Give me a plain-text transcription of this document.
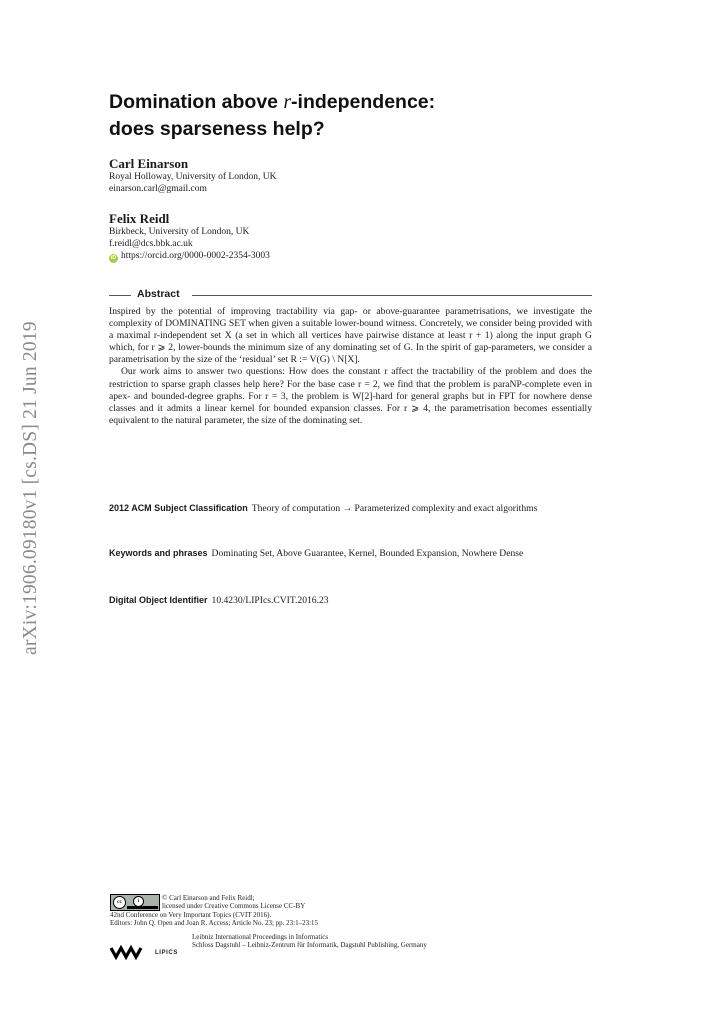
arXiv:1906.09180v1 [cs.DS] 21 Jun 2019
Domination above r-independence:
does sparseness help?
Carl Einarson
Royal Holloway, University of London, UK
einarson.carl@gmail.com
Felix Reidl
Birkbeck, University of London, UK
f.reidl@dcs.bbk.ac.uk
iD https://orcid.org/0000-0002-2354-3003
Abstract

Inspired by the potential of improving tractability via gap- or above-guarantee parametrisations, we investigate the complexity of DOMINATING SET when given a suitable lower-bound witness. Concretely, we consider being provided with a maximal r-independent set X (a set in which all vertices have pairwise distance at least r + 1) along the input graph G which, for r ⩾ 2, lower-bounds the minimum size of any dominating set of G. In the spirit of gap-parameters, we consider a parametrisation by the size of the ‘residual’ set R := V(G) \ N[X].

Our work aims to answer two questions: How does the constant r affect the tractability of the problem and does the restriction to sparse graph classes help here? For the base case r = 2, we find that the problem is paraNP-complete even in apex- and bounded-degree graphs. For r = 3, the problem is W[2]-hard for general graphs but in FPT for nowhere dense classes and it admits a linear kernel for bounded expansion classes. For r ⩾ 4, the parametrisation becomes essentially equivalent to the natural parameter, the size of the dominating set.

2012 ACM Subject Classification Theory of computation → Parameterized complexity and exact algorithms
Keywords and phrases Dominating Set, Above Guarantee, Kernel, Bounded Expansion, Nowhere Dense
Digital Object Identifier 10.4230/LIPIcs.CVIT.2016.23
cc	i	© Carl Einarson and Felix Reidl;
licensed under Creative Commons License CC-BY
42nd Conference on Very Important Topics (CVIT 2016).
Editors: John Q. Open and Joan R. Access; Article No. 23; pp. 23:1–23:15
Leibniz International Proceedings in Informatics
LIPICS
Schloss Dagstuhl – Leibniz-Zentrum für Informatik, Dagstuhl Publishing, Germany
